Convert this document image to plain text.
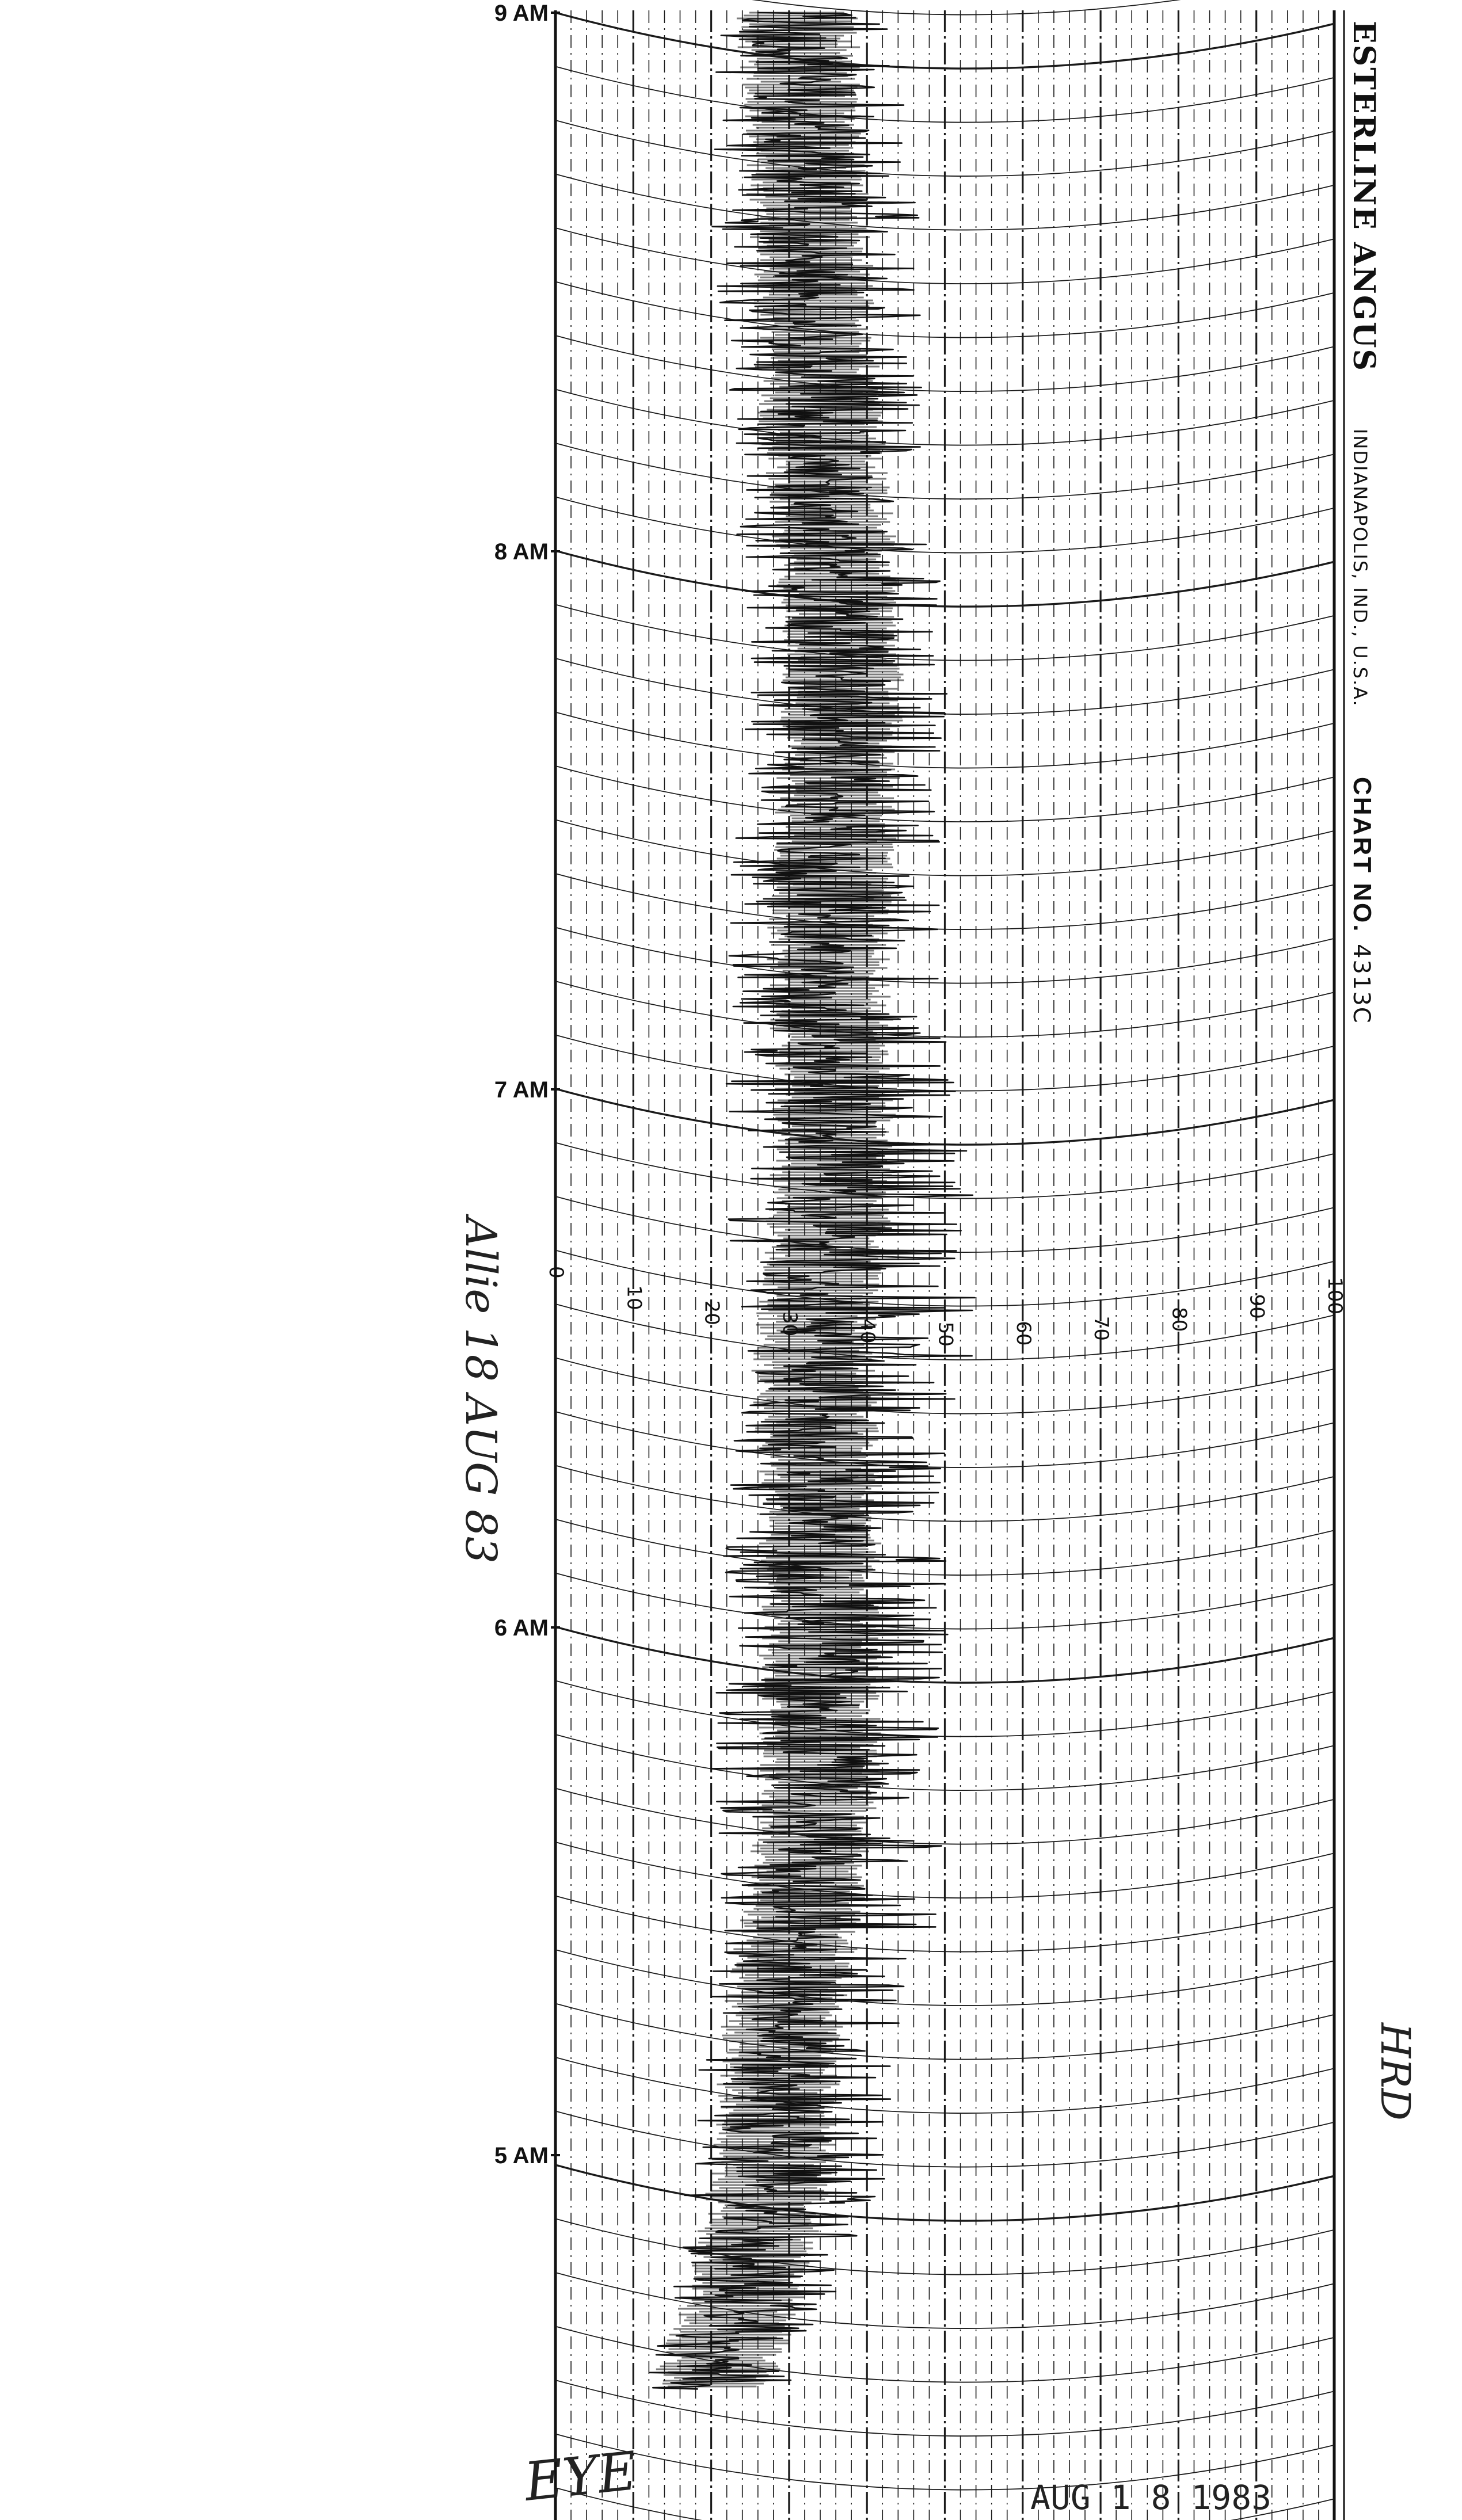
9 AM
8 AM
7 AM
6 AM
5 AM
0
10
20	30	40	50	60	70	80
90	100
ESTERLINE ANGUS
INDIANAPOLIS, IND., U.S.A.
CHART NO.
4313C
Allie 18 AUG 83
EYE
HRD
AUG 1 8 1983
